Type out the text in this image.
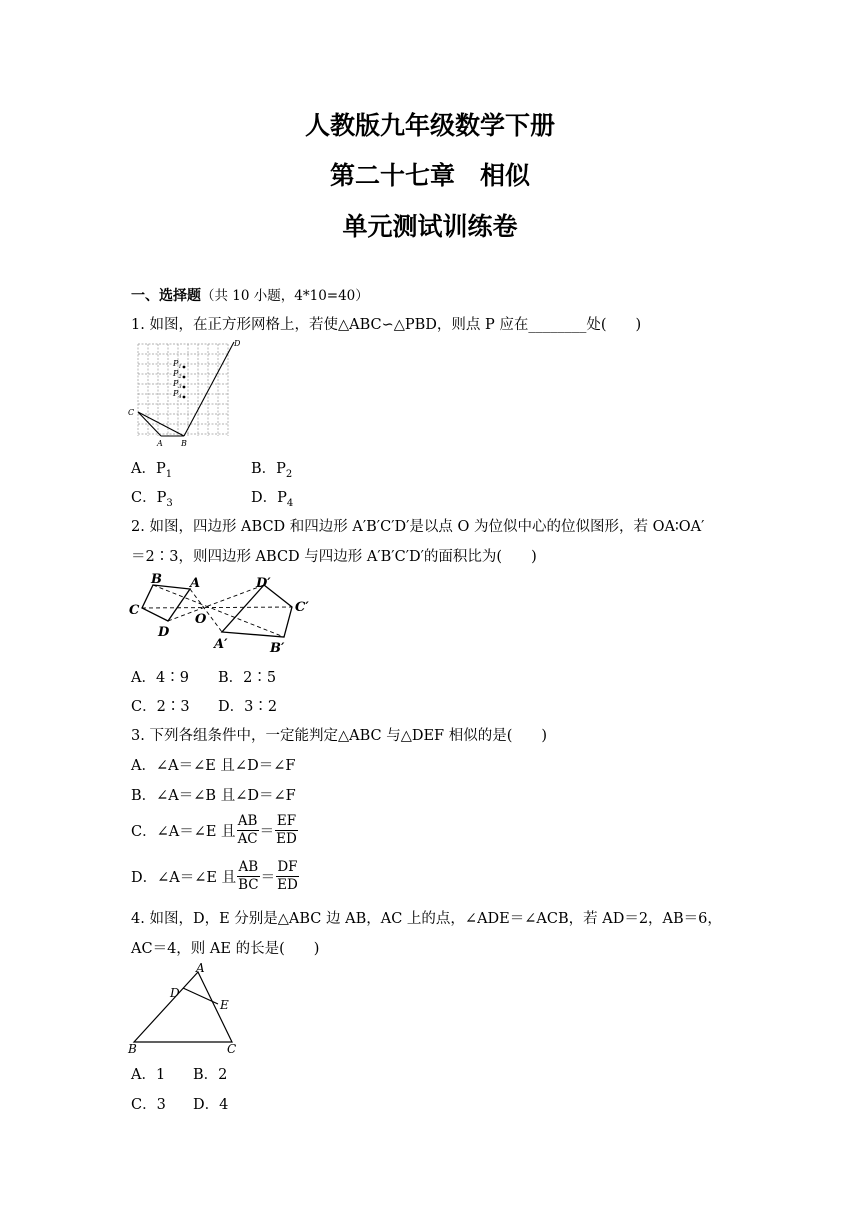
人教版九年级数学下册
第二十七章　相似
单元测试训练卷
一、选择题（共 10 小题，4*10=40）
1. 如图，在正方形网格上，若使△ABC∽△PBD，则点 P 应在________处(　　)
D
$P_1$
$P_2$
$P_3$
$P_4$
C
A B
A．$P_1$	B．$P_2$
C．$P_3$	D．$P_4$
2. 如图，四边形 ABCD 和四边形 A′B′C′D′是以点 O 为位似中心的位似图形，若 OA∶OA′
＝2∶3，则四边形 ABCD 与四边形 A′B′C′D′的面积比为(　　)
B A
C
D
O
D′
C′
A′	B′
A．4∶9 B．2∶5
C．2∶3 D．3∶2
3. 下列各组条件中，一定能判定△ABC 与△DEF 相似的是(　　)
A．∠A＝∠E 且∠D＝∠F
B．∠A＝∠B 且∠D＝∠F
C．∠A＝∠E 且 $\frac{AB}{AC} = \frac{EF}{ED}$
D．∠A＝∠E 且 $\frac{AB}{BC} = \frac{DF}{ED}$
4. 如图，D，E 分别是△ABC 边 AB，AC 上的点，∠ADE＝∠ACB，若 AD＝2，AB＝6，
AC＝4，则 AE 的长是(　　)
A
D
E
B	C
A．1 B．2
C．3 D．4
